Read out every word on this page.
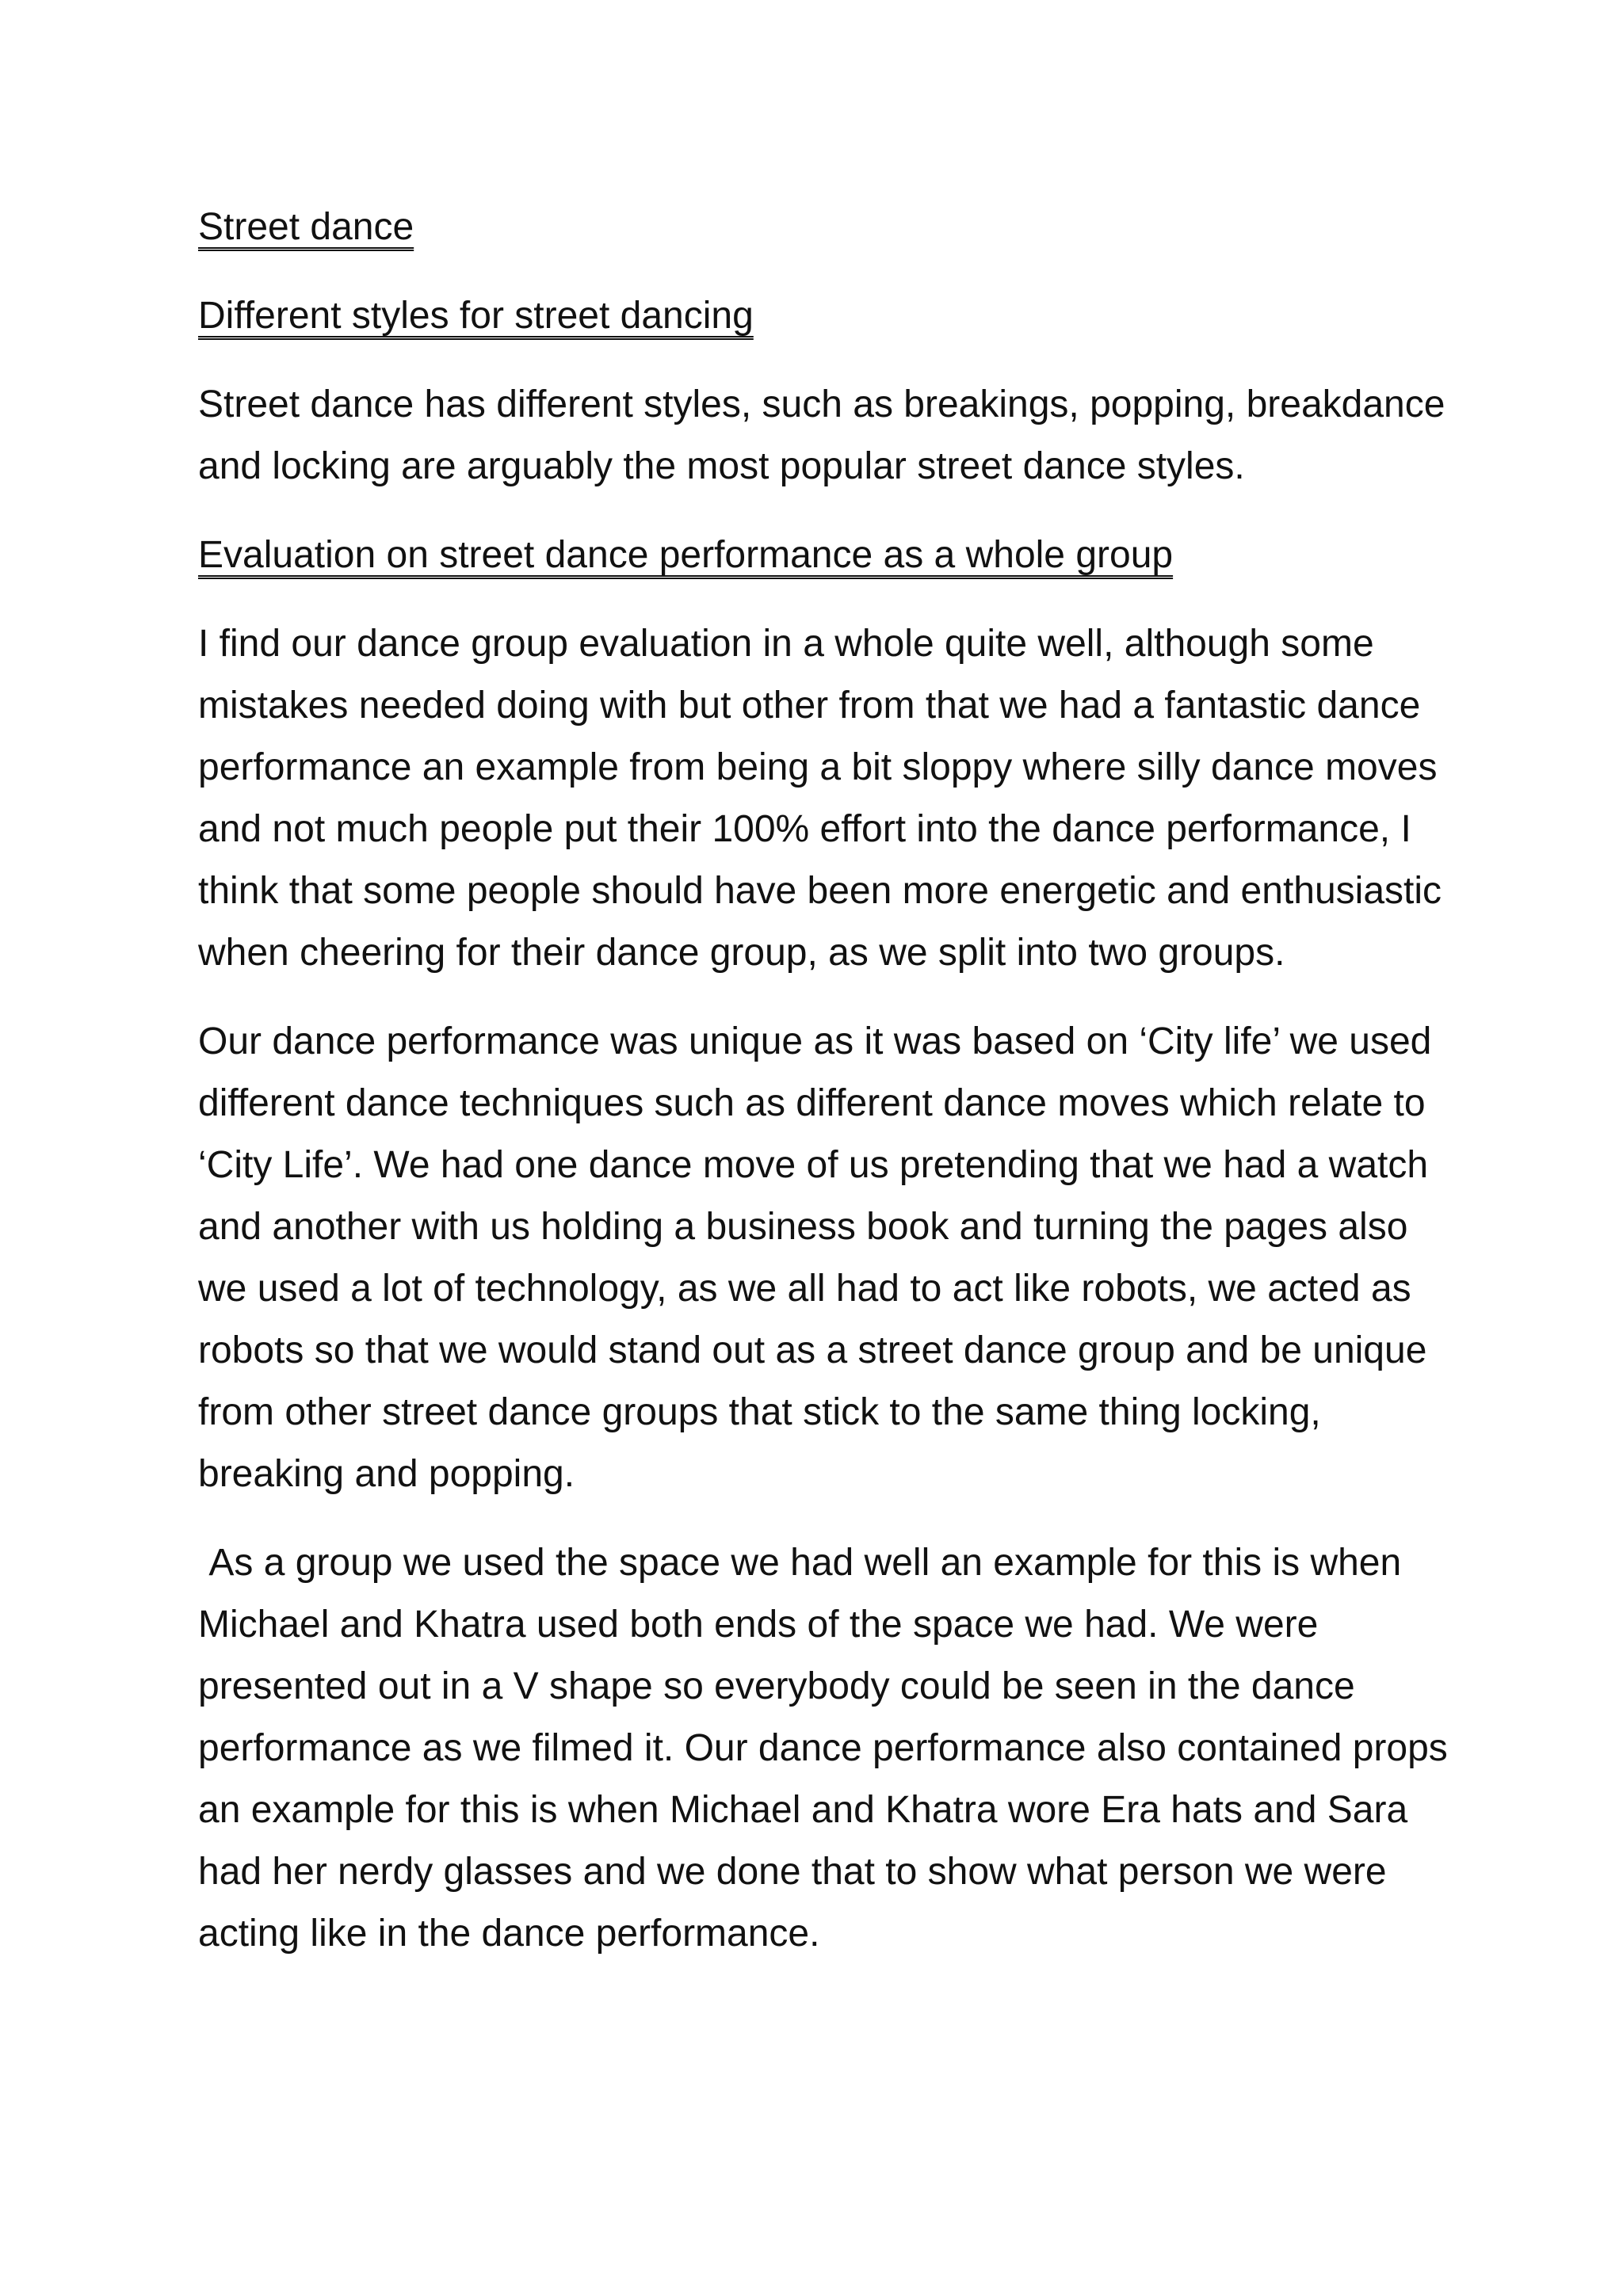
Street dance
Different styles for street dancing

Street dance has different styles, such as breakings, popping, breakdance and locking are arguably the most popular street dance styles.

Evaluation on street dance performance as a whole group

I find our dance group evaluation in a whole quite well, although some mistakes needed doing with but other from that we had a fantastic dance performance an example from being a bit sloppy where silly dance moves and not much people put their 100% effort into the dance performance, I think that some people should have been more energetic and enthusiastic when cheering for their dance group, as we split into two groups.

Our dance performance was unique as it was based on ‘City life’ we used different dance techniques such as different dance moves which relate to ‘City Life’. We had one dance move of us pretending that we had a watch and another with us holding a business book and turning the pages also we used a lot of technology, as we all had to act like robots, we acted as robots so that we would stand out as a street dance group and be unique from other street dance groups that stick to the same thing locking, breaking and popping.

As a group we used the space we had well an example for this is when Michael and Khatra used both ends of the space we had. We were presented out in a V shape so everybody could be seen in the dance performance as we filmed it. Our dance performance also contained props an example for this is when Michael and Khatra wore Era hats and Sara had her nerdy glasses and we done that to show what person we were acting like in the dance performance.
